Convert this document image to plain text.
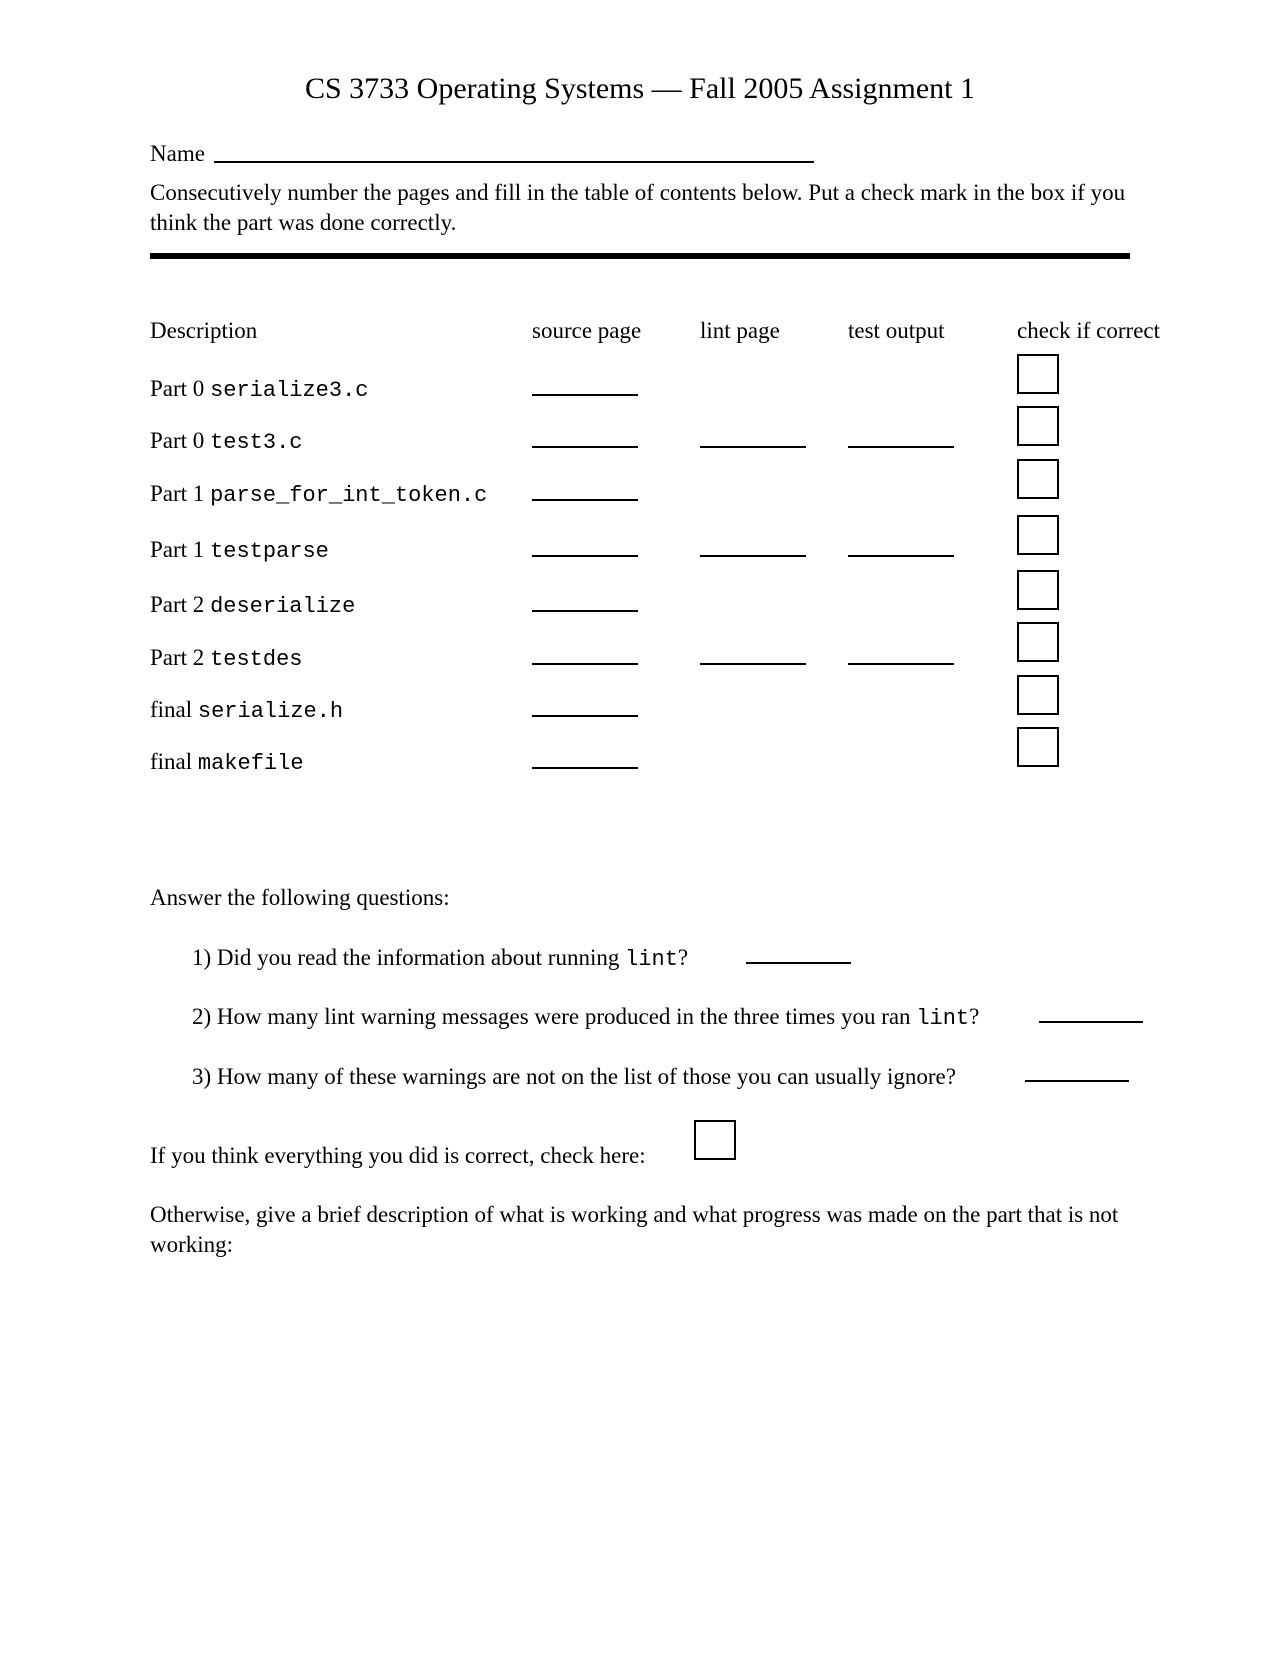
CS 3733 Operating Systems — Fall 2005 Assignment 1
Name
Consecutively number the pages and fill in the table of contents below. Put a check mark in the box if you think the part was done correctly.
Description	source page	lint page	test output	check if correct
Part 0 serialize3.c
Part 0 test3.c
Part 1 parse_for_int_token.c
Part 1 testparse
Part 2 deserialize
Part 2 testdes
final serialize.h
final makefile
Answer the following questions:
1) Did you read the information about running lint?
2) How many lint warning messages were produced in the three times you ran lint?
3) How many of these warnings are not on the list of those you can usually ignore?
If you think everything you did is correct, check here:
Otherwise, give a brief description of what is working and what progress was made on the part that is not working:
